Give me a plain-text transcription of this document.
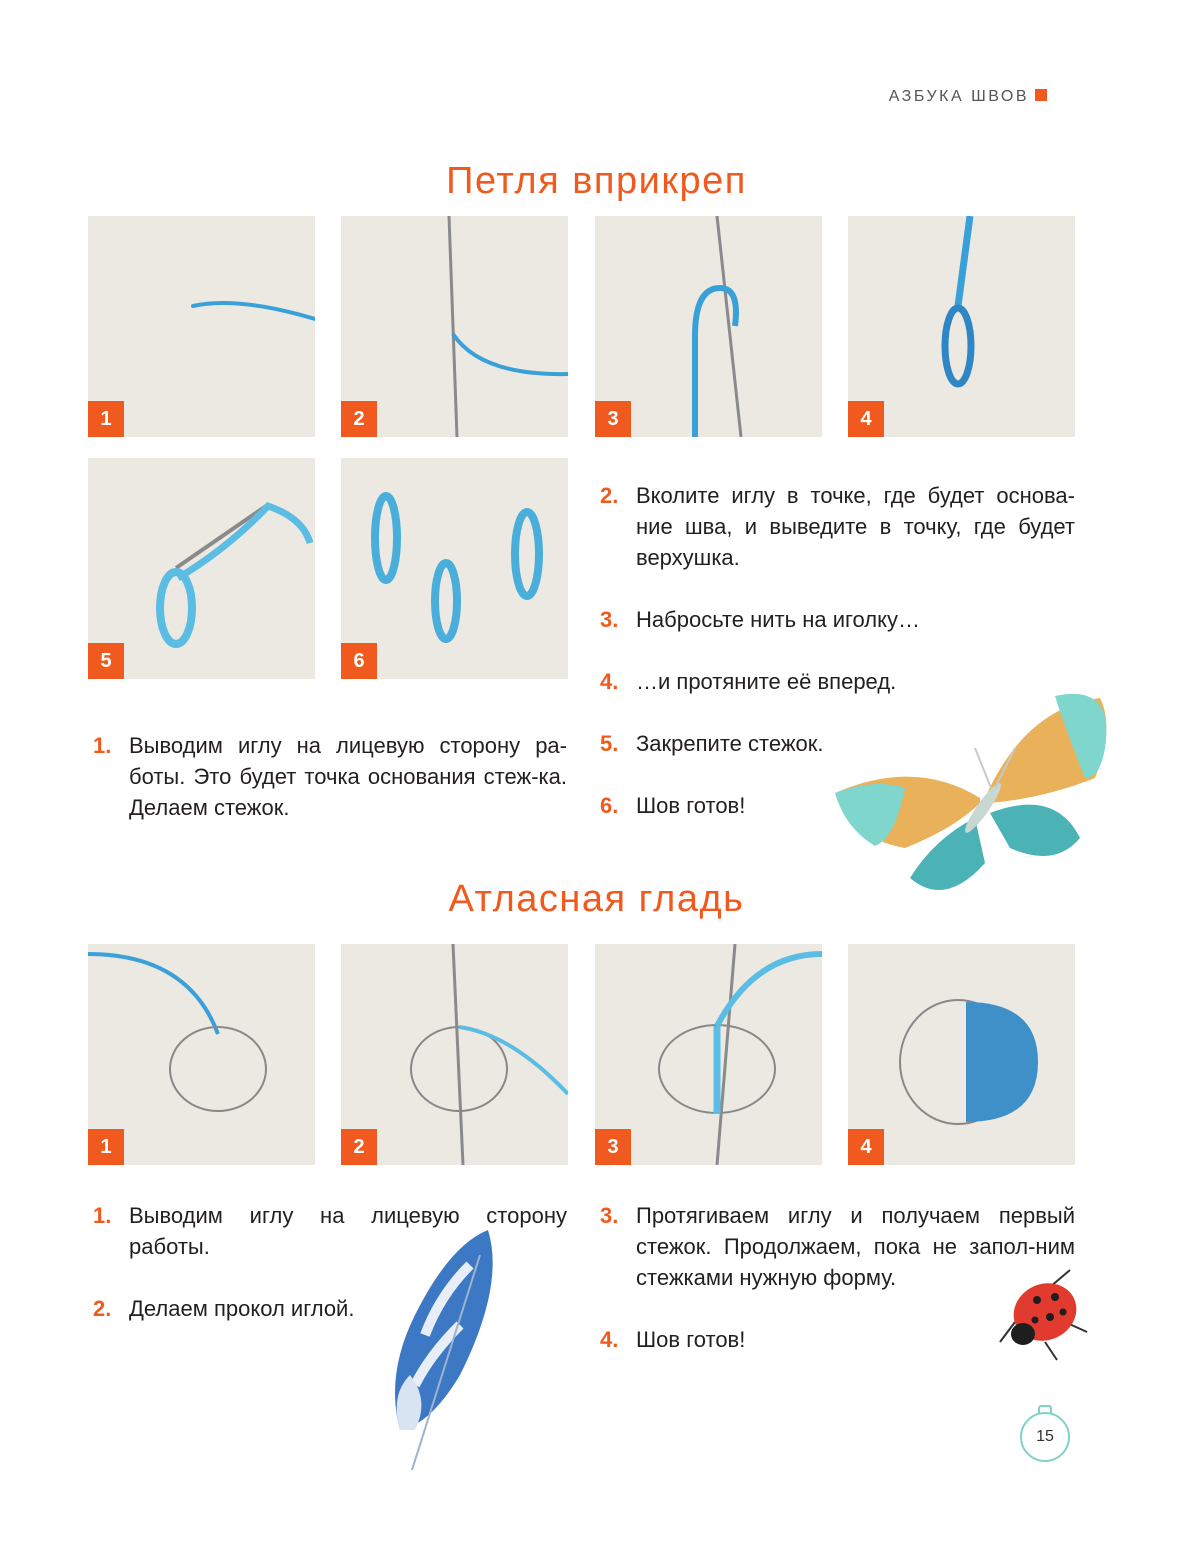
АЗБУКА ШВОВ
Петля вприкреп
1	2	3	4
5	6
2. Вколите иглу в точке, где будет основа-ние шва, и выведите в точку, где будет верхушка.
3. Набросьте нить на иголку…
4. …и протяните её вперед.
5. Закрепите стежок.
6. Шов готов!
1. Выводим иглу на лицевую сторону ра-боты. Это будет точка основания стеж-ка. Делаем стежок.
Атласная гладь
1	2	3	4
1. Выводим иглу на лицевую сторону работы.
2. Делаем прокол иглой.
3. Протягиваем иглу и получаем первый стежок. Продолжаем, пока не запол-ним стежками нужную форму.
4. Шов готов!
15
